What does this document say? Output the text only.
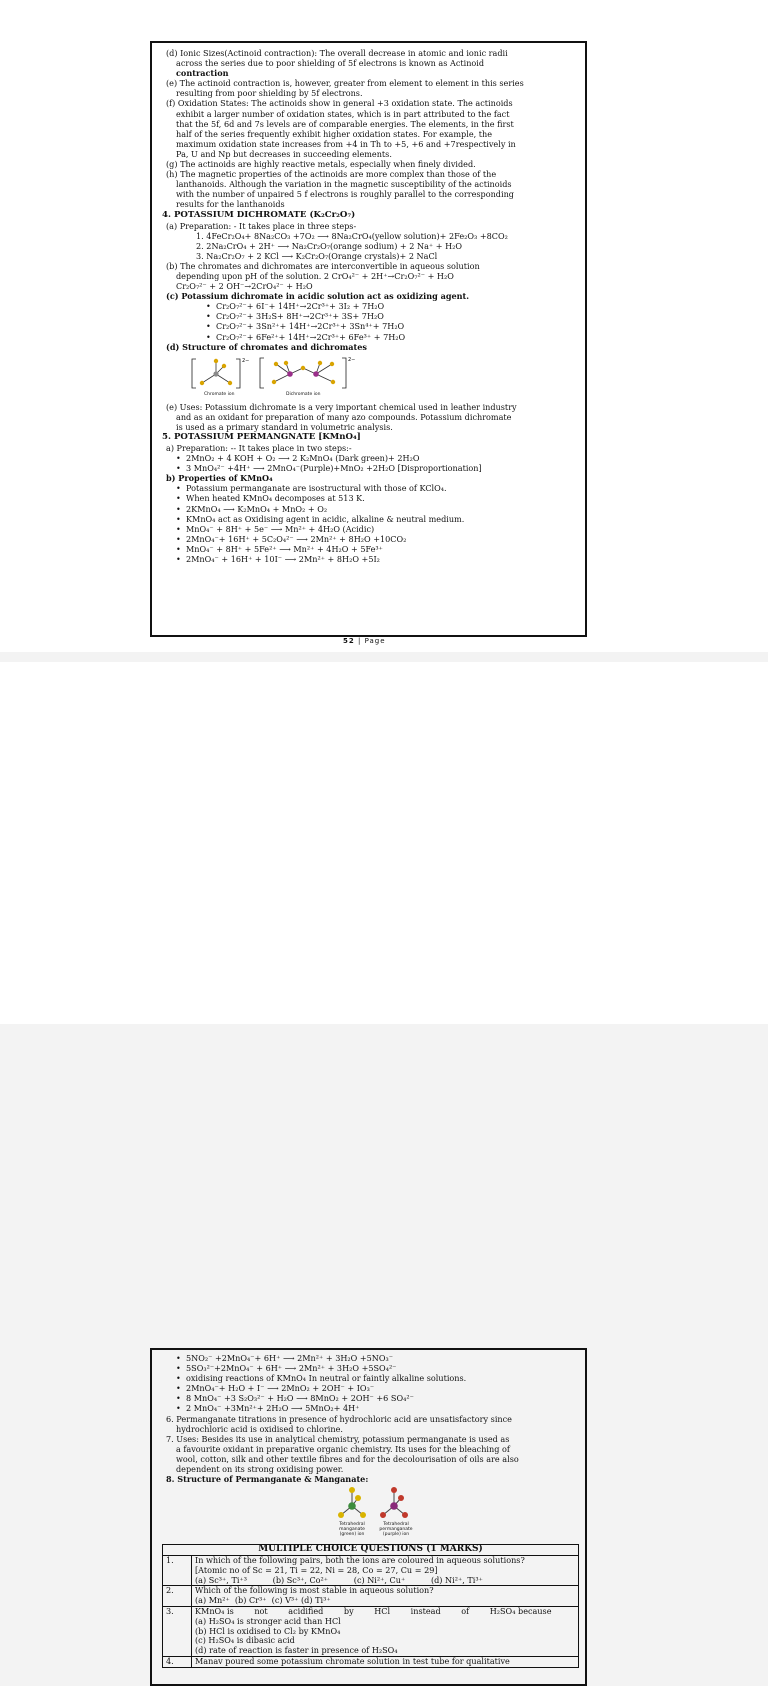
(d) Ionic Sizes(Actinoid contraction): The overall decrease in atomic and ionic radii

across the series due to poor shielding of 5f electrons is known as Actinoid

contraction

(e) The actinoid contraction is, however, greater from element to element in this series

resulting from poor shielding by 5f electrons.

(f) Oxidation States: The actinoids show in general +3 oxidation state. The actinoids

exhibit a larger number of oxidation states, which is in part attributed to the fact

that the 5f, 6d and 7s levels are of comparable energies. The elements, in the first

half of the series frequently exhibit higher oxidation states. For example, the

maximum oxidation state increases from +4 in Th to +5, +6 and +7respectively in

Pa, U and Np but decreases in succeeding elements.

(g) The actinoids are highly reactive metals, especially when finely divided.

(h) The magnetic properties of the actinoids are more complex than those of the

lanthanoids. Although the variation in the magnetic susceptibility of the actinoids

with the number of unpaired 5 f electrons is roughly parallel to the corresponding

results for the lanthanoids

4. POTASSIUM DICHROMATE (K₂Cr₂O₇)

(a) Preparation: - It takes place in three steps-

1. 4FeCr₂O₄+ 8Na₂CO₃ +7O₂ ⟶ 8Na₂CrO₄(yellow solution)+ 2Fe₂O₃ +8CO₂

2. 2Na₂CrO₄ + 2H⁺ ⟶ Na₂Cr₂O₇(orange sodium) + 2 Na⁺ + H₂O

3. Na₂Cr₂O₇ + 2 KCl ⟶ K₂Cr₂O₇(Orange crystals)+ 2 NaCl

(b) The chromates and dichromates are interconvertible in aqueous solution

depending upon pH of the solution. 2 CrO₄²⁻ + 2H⁺→Cr₂O₇²⁻ + H₂O

Cr₂O₇²⁻ + 2 OH⁻→2CrO₄²⁻ + H₂O

(c) Potassium dichromate in acidic solution act as oxidizing agent.

• Cr₂O₇²⁻+ 6I⁻+ 14H⁺→2Cr³⁺+ 3I₂ + 7H₂O

• Cr₂O₇²⁻+ 3H₂S+ 8H⁺→2Cr³⁺+ 3S+ 7H₂O

• Cr₂O₇²⁻+ 3Sn²⁺+ 14H⁺→2Cr³⁺+ 3Sn⁴⁺+ 7H₂O

• Cr₂O₇²⁻+ 6Fe²⁺+ 14H⁺→2Cr³⁺+ 6Fe³⁺ + 7H₂O

(d) Structure of chromates and dichromates

2−	2−
Chromate ion	Dichromate ion

(e) Uses: Potassium dichromate is a very important chemical used in leather industry

and as an oxidant for preparation of many azo compounds. Potassium dichromate

is used as a primary standard in volumetric analysis.

5. POTASSIUM PERMANGNATE [KMnO₄]

a) Preparation: -- It takes place in two steps:-

• 2MnO₂ + 4 KOH + O₂ ⟶ 2 K₂MnO₄ (Dark green)+ 2H₂O

• 3 MnO₄²⁻ +4H⁺ ⟶ 2MnO₄⁻(Purple)+MnO₂ +2H₂O [Disproportionation]

b) Properties of KMnO₄

• Potassium permanganate are isostructural with those of KClO₄.

• When heated KMnO₄ decomposes at 513 K.

• 2KMnO₄ ⟶ K₂MnO₄ + MnO₂ + O₂

• KMnO₄ act as Oxidising agent in acidic, alkaline & neutral medium.

• MnO₄⁻ + 8H⁺ + 5e⁻ ⟶ Mn²⁺ + 4H₂O (Acidic)

• 2MnO₄⁻+ 16H⁺ + 5C₂O₄²⁻ ⟶ 2Mn²⁺ + 8H₂O +10CO₂

• MnO₄⁻ + 8H⁺ + 5Fe²⁺ ⟶ Mn²⁺ + 4H₂O + 5Fe³⁺

• 2MnO₄⁻ + 16H⁺ + 10I⁻ ⟶ 2Mn²⁺ + 8H₂O +5I₂

52 | Page

• 5NO₂⁻ +2MnO₄⁻+ 6H⁺ ⟶ 2Mn²⁺ + 3H₂O +5NO₃⁻

• 5SO₃²⁻+2MnO₄⁻ + 6H⁺ ⟶ 2Mn²⁺ + 3H₂O +5SO₄²⁻

• oxidising reactions of KMnO₄ In neutral or faintly alkaline solutions.

• 2MnO₄⁻+ H₂O + I⁻ ⟶ 2MnO₂ + 2OH⁻ + IO₃⁻

• 8 MnO₄⁻ +3 S₂O₃²⁻ + H₂O ⟶ 8MnO₂ + 2OH⁻ +6 SO₄²⁻

• 2 MnO₄⁻ +3Mn²⁺+ 2H₂O ⟶ 5MnO₂+ 4H⁺

6. Permanganate titrations in presence of hydrochloric acid are unsatisfactory since

hydrochloric acid is oxidised to chlorine.

7. Uses: Besides its use in analytical chemistry, potassium permanganate is used as

a favourite oxidant in preparative organic chemistry. Its uses for the bleaching of

wool, cotton, silk and other textile fibres and for the decolourisation of oils are also

dependent on its strong oxidising power.

8. Structure of Permanganate & Manganate:

Tetrahedral manganate (green) ion
Tetrahedral permanganate (purple) ion
MULTIPLE CHOICE QUESTIONS (1 MARKS)	
1.	In which of the following pairs, both the ions are coloured in aqueous solutions?
[Atomic no of Sc = 21, Ti = 22, Ni = 28, Co = 27, Cu = 29]
(a) Sc³⁺, Ti⁺³          (b) Sc³⁺, Co²⁺          (c) Ni²⁺, Cu⁺          (d) Ni²⁺, Ti³⁺

2.	Which of the following is most stable in aqueous solution?
(a) Mn²⁺  (b) Cr³⁺  (c) V³⁺ (d) Ti³⁺

3.	KMnO₄ is        not        acidified        by        HCl        instead        of        H₂SO₄ because
(a) H₂SO₄ is stronger acid than HCl
(b) HCl is oxidised to Cl₂ by KMnO₄
(c) H₂SO₄ is dibasic acid
(d) rate of reaction is faster in presence of H₂SO₄

4.	Manav poured some potassium chromate solution in test tube for qualitative
